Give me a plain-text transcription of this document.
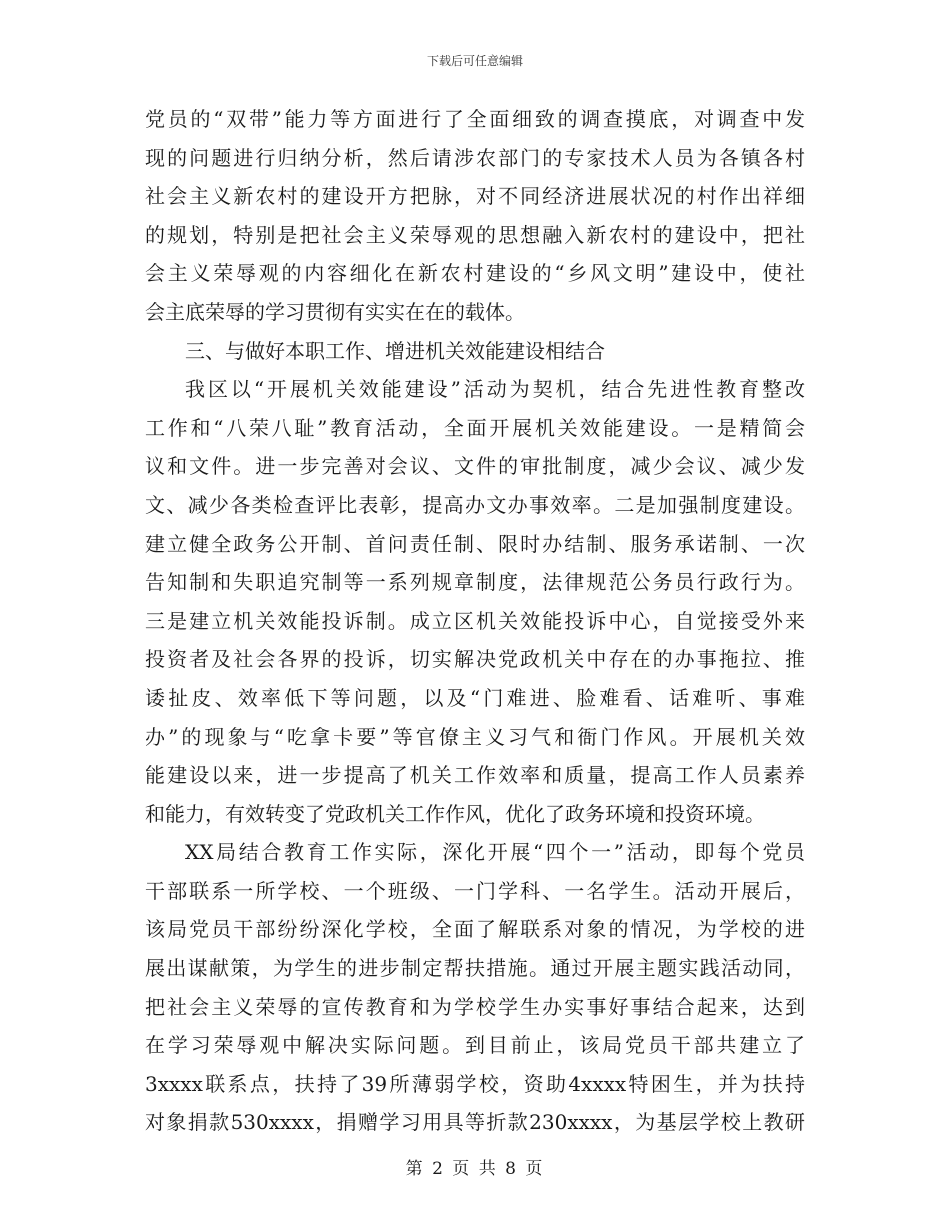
下载后可任意编辑
党员的“双带”能力等方面进行了全面细致的调查摸底，对调查中发
现的问题进行归纳分析，然后请涉农部门的专家技术人员为各镇各村
社会主义新农村的建设开方把脉，对不同经济进展状况的村作出祥细
的规划，特别是把社会主义荣辱观的思想融入新农村的建设中，把社
会主义荣辱观的内容细化在新农村建设的“乡风文明”建设中，使社
会主底荣辱的学习贯彻有实实在在的载体。
三、与做好本职工作、增进机关效能建设相结合
我区以“开展机关效能建设”活动为契机，结合先进性教育整改
工作和“八荣八耻”教育活动，全面开展机关效能建设。一是精简会
议和文件。进一步完善对会议、文件的审批制度，减少会议、减少发
文、减少各类检查评比表彰，提高办文办事效率。二是加强制度建设。
建立健全政务公开制、首问责任制、限时办结制、服务承诺制、一次
告知制和失职追究制等一系列规章制度，法律规范公务员行政行为。
三是建立机关效能投诉制。成立区机关效能投诉中心，自觉接受外来
投资者及社会各界的投诉，切实解决党政机关中存在的办事拖拉、推
诿扯皮、效率低下等问题，以及“门难进、脸难看、话难听、事难
办”的现象与“吃拿卡要”等官僚主义习气和衙门作风。开展机关效
能建设以来，进一步提高了机关工作效率和质量，提高工作人员素养
和能力，有效转变了党政机关工作作风，优化了政务环境和投资环境。
XX局结合教育工作实际，深化开展“四个一”活动，即每个党员
干部联系一所学校、一个班级、一门学科、一名学生。活动开展后，
该局党员干部纷纷深化学校，全面了解联系对象的情况，为学校的进
展出谋献策，为学生的进步制定帮扶措施。通过开展主题实践活动同，
把社会主义荣辱的宣传教育和为学校学生办实事好事结合起来，达到
在学习荣辱观中解决实际问题。到目前止，该局党员干部共建立了
3xxxx联系点，扶持了39所薄弱学校，资助4xxxx特困生，并为扶持
对象捐款530xxxx，捐赠学习用具等折款230xxxx，为基层学校上教研
第 2 页 共 8 页
